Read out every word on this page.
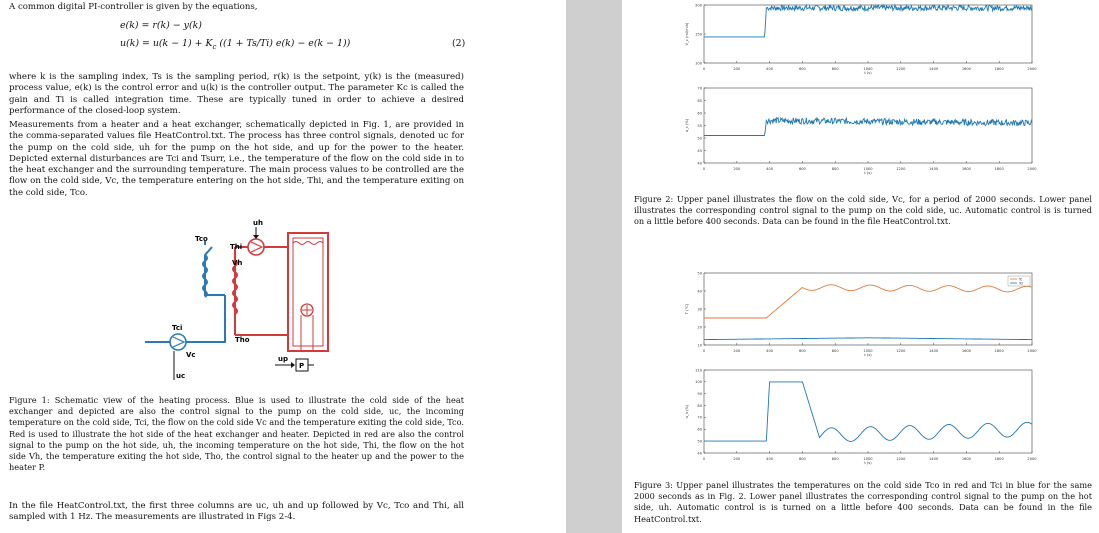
A common digital PI-controller is given by the equations,
e(k) = r(k) − y(k)
$u(k) = u(k - 1) + K_c$ ((1 + Ts/Ti) e(k) − e(k − 1))	(2)
where k is the sampling index, Ts is the sampling period, r(k) is the setpoint, y(k) is the (measured) process value, e(k) is the control error and u(k) is the controller output. The parameter Kc is called the gain and Ti is called integration time. These are typically tuned in order to achieve a desired performance of the closed-loop system.
Measurements from a heater and a heat exchanger, schematically depicted in Fig. 1, are provided in the comma-separated values file HeatControl.txt. The process has three control signals, denoted uc for the pump on the cold side, uh for the pump on the hot side, and up for the power to the heater. Depicted external disturbances are Tci and Tsurr, i.e., the temperature of the flow on the cold side in to the heat exchanger and the surrounding temperature. The main process values to be controlled are the flow on the cold side, Vc, the temperature entering on the hot side, Thi, and the temperature exiting on the cold side, Tco.
uh
Tco
Thi
Vh
Tci
Tho
Vc
uc
up
P
Figure 1: Schematic view of the heating process. Blue is used to illustrate the cold side of the heat exchanger and depicted are also the control signal to the pump on the cold side, uc, the incoming temperature on the cold side, Tci, the flow on the cold side Vc and the temperature exiting the cold side, Tco. Red is used to illustrate the hot side of the heat exchanger and heater. Depicted in red are also the control signal to the pump on the hot side, uh, the incoming temperature on the hot side, Thi, the flow on the hot side Vh, the temperature exiting the hot side, Tho, the control signal to the heater up and the power to the heater P.
In the file HeatControl.txt, the first three columns are uc, uh and up followed by Vc, Tco and Thi, all sampled with 1 Hz. The measurements are illustrated in Figs 2-4.
0	200	400	600	800	1000	1200	1400	1600	1800	2000
100
150
200
t (s)
V_c (ml/min)
0	200	400	600	800	1000	1200	1400	1600	1800	2000
40
45
50
55
60
65
70
t (s)
u_c (%)
0	200	400	600	800	1000	1200	1400	1600	1800	2000
10
20
30
40
50
t (s)
T (°C)
Tc
Tci
0	200	400	600	800	1000	1200	1400	1600	1800	2000
40
50
60
70
80
90
100
110
t (s)
u_h (%)
Figure 2: Upper panel illustrates the flow on the cold side, Vc, for a period of 2000 seconds. Lower panel illustrates the corresponding control signal to the pump on the cold side, uc. Automatic control is is turned on a little before 400 seconds. Data can be found in the file HeatControl.txt.
Figure 3: Upper panel illustrates the temperatures on the cold side Tco in red and Tci in blue for the same 2000 seconds as in Fig. 2. Lower panel illustrates the corresponding control signal to the pump on the hot side, uh. Automatic control is is turned on a little before 400 seconds. Data can be found in the file HeatControl.txt.
